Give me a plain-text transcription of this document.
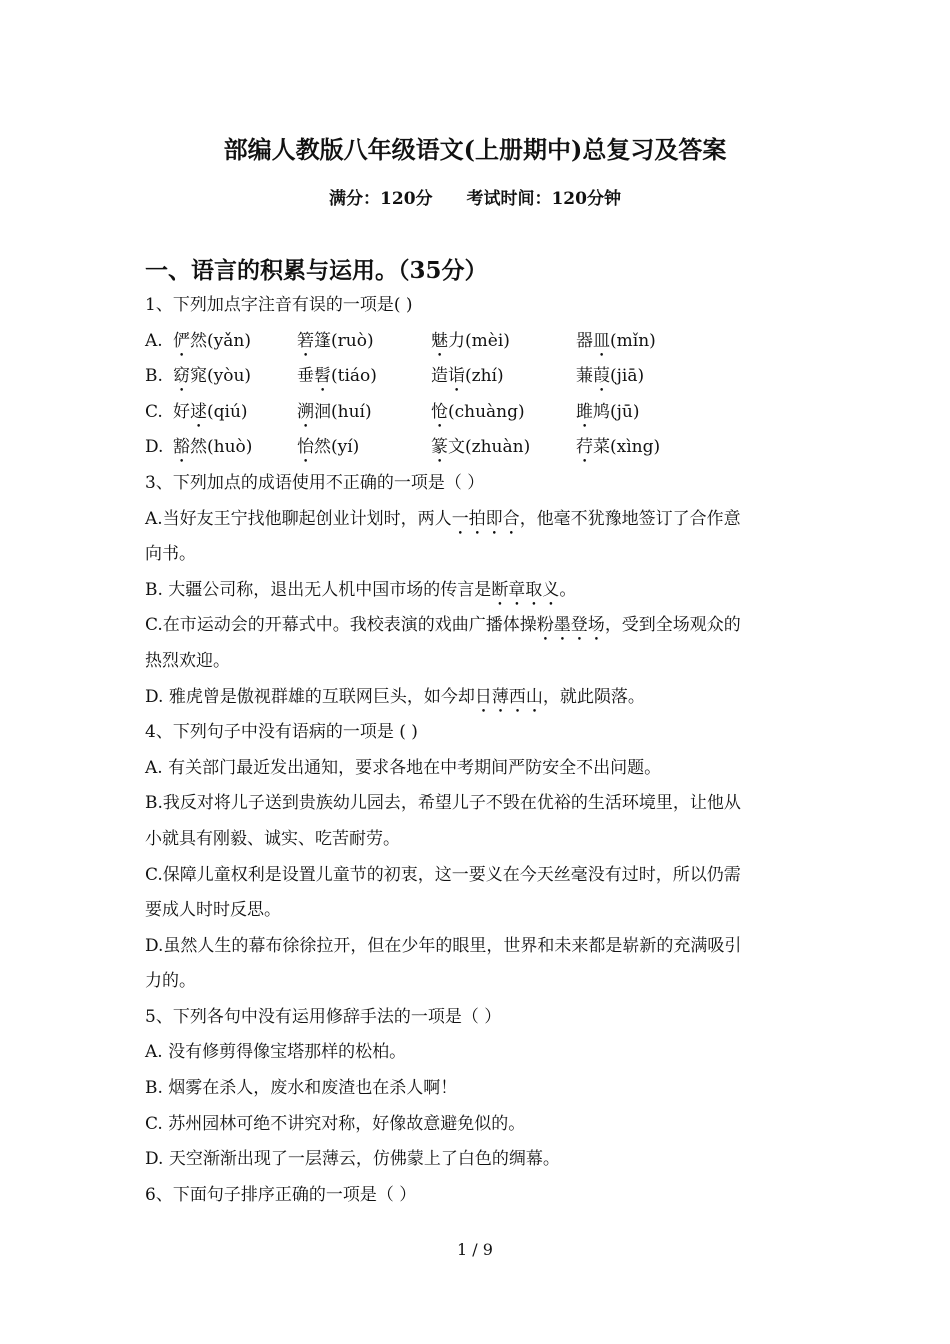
部编人教版八年级语文(上册期中)总复习及答案
满分：120分 考试时间：120分钟
一、语言的积累与运用。（35分）
1、下列加点字注音有误的一项是( )
A. 俨然(yǎn)	箬篷(ruò)	魅力(mèi)	器皿(mǐn)
B. 窈窕(yòu)	垂髫(tiáo)	造诣(zhí)	蒹葭(jiā)
C. 好逑(qiú)	溯洄(huí)	怆(chuàng)	雎鸠(jū)
D. 豁然(huò)	怡然(yí)	篆文(zhuàn)	荇菜(xìng)
3、下列加点的成语使用不正确的一项是（ ）
A.当好友王宁找他聊起创业计划时，两人一拍即合，他毫不犹豫地签订了合作意
向书。
B. 大疆公司称，退出无人机中国市场的传言是断章取义。
C.在市运动会的开幕式中。我校表演的戏曲广播体操粉墨登场，受到全场观众的
热烈欢迎。
D. 雅虎曾是傲视群雄的互联网巨头，如今却日薄西山，就此陨落。
4、下列句子中没有语病的一项是 ( )
A. 有关部门最近发出通知，要求各地在中考期间严防安全不出问题。
B.我反对将儿子送到贵族幼儿园去，希望儿子不毁在优裕的生活环境里，让他从
小就具有刚毅、诚实、吃苦耐劳。
C.保障儿童权利是设置儿童节的初衷，这一要义在今天丝毫没有过时，所以仍需
要成人时时反思。
D.虽然人生的幕布徐徐拉开，但在少年的眼里，世界和未来都是崭新的充满吸引
力的。
5、下列各句中没有运用修辞手法的一项是（ ）
A. 没有修剪得像宝塔那样的松柏。
B. 烟雾在杀人，废水和废渣也在杀人啊！
C. 苏州园林可绝不讲究对称，好像故意避免似的。
D. 天空渐渐出现了一层薄云，仿佛蒙上了白色的绸幕。
6、下面句子排序正确的一项是（ ）
1 / 9
